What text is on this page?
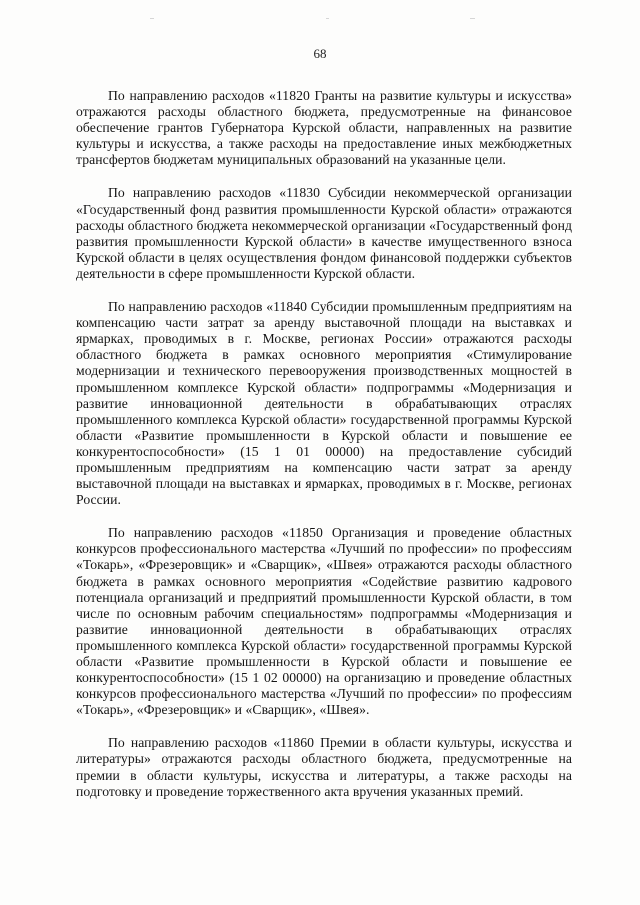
68

По направлению расходов «11820 Гранты на развитие культуры и искусства» отражаются расходы областного бюджета, предусмотренные на финансовое обеспечение грантов Губернатора Курской области, направленных на развитие культуры и искусства, а также расходы на предоставление иных межбюджетных трансфертов бюджетам муниципальных образований на указанные цели.

По направлению расходов «11830 Субсидии некоммерческой организации «Государственный фонд развития промышленности Курской области» отражаются расходы областного бюджета некоммерческой организации «Государственный фонд развития промышленности Курской области» в качестве имущественного взноса Курской области в целях осуществления фондом финансовой поддержки субъектов деятельности в сфере промышленности Курской области.

По направлению расходов «11840 Субсидии промышленным предприятиям на компенсацию части затрат за аренду выставочной площади на выставках и ярмарках, проводимых в г. Москве, регионах России» отражаются расходы областного бюджета в рамках основного мероприятия «Стимулирование модернизации и технического перевооружения производственных мощностей в промышленном комплексе Курской области» подпрограммы «Модернизация и развитие инновационной деятельности в обрабатывающих отраслях промышленного комплекса Курской области» государственной программы Курской области «Развитие промышленности в Курской области и повышение ее конкурентоспособности» (15 1 01 00000) на предоставление субсидий промышленным предприятиям на компенсацию части затрат за аренду выставочной площади на выставках и ярмарках, проводимых в г. Москве, регионах России.

По направлению расходов «11850 Организация и проведение областных конкурсов профессионального мастерства «Лучший по профессии» по профессиям «Токарь», «Фрезеровщик» и «Сварщик», «Швея» отражаются расходы областного бюджета в рамках основного мероприятия «Содействие развитию кадрового потенциала организаций и предприятий промышленности Курской области, в том числе по основным рабочим специальностям» подпрограммы «Модернизация и развитие инновационной деятельности в обрабатывающих отраслях промышленного комплекса Курской области» государственной программы Курской области «Развитие промышленности в Курской области и повышение ее конкурентоспособности» (15 1 02 00000) на организацию и проведение областных конкурсов профессионального мастерства «Лучший по профессии» по профессиям «Токарь», «Фрезеровщик» и «Сварщик», «Швея».

По направлению расходов «11860 Премии в области культуры, искусства и литературы» отражаются расходы областного бюджета, предусмотренные на премии в области культуры, искусства и литературы, а также расходы на подготовку и проведение торжественного акта вручения указанных премий.
